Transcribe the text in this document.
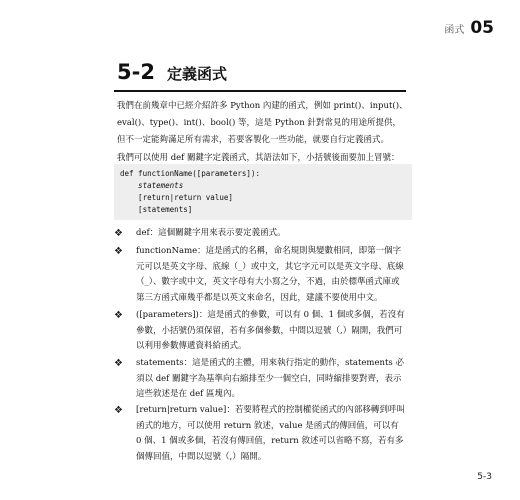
函式 05
5-2 定義函式

我們在前幾章中已經介紹許多 Python 內建的函式，例如 print()、input()、eval()、type()、int()、bool() 等，這是 Python 針對常見的用途所提供，但不一定能夠滿足所有需求，若要客製化一些功能，就要自行定義函式。

我們可以使用 def 關鍵字定義函式，其語法如下，小括號後面要加上冒號：

def functionName([parameters]):
statements
[return|return value]
[statements]
❖ def：這個關鍵字用來表示要定義函式。

❖ functionName：這是函式的名稱，命名規則與變數相同，即第一個字元可以是英文字母、底線（_）或中文，其它字元可以是英文字母、底線（_）、數字或中文，英文字母有大小寫之分，不過，由於標準函式庫或第三方函式庫幾乎都是以英文來命名，因此，建議不要使用中文。

❖ ([parameters])：這是函式的參數，可以有 0 個、1 個或多個，若沒有參數，小括號仍須保留，若有多個參數，中間以逗號（,）隔開，我們可以利用參數傳遞資料給函式。

❖ statements：這是函式的主體，用來執行指定的動作，statements 必須以 def 關鍵字為基準向右縮排至少一個空白，同時縮排要對齊，表示這些敘述是在 def 區塊內。

❖ [return|return value]：若要將程式的控制權從函式的內部移轉到呼叫函式的地方，可以使用 return 敘述，value 是函式的傳回值，可以有 0 個、1 個或多個，若沒有傳回值，return 敘述可以省略不寫，若有多個傳回值，中間以逗號（,）隔開。

5-3
